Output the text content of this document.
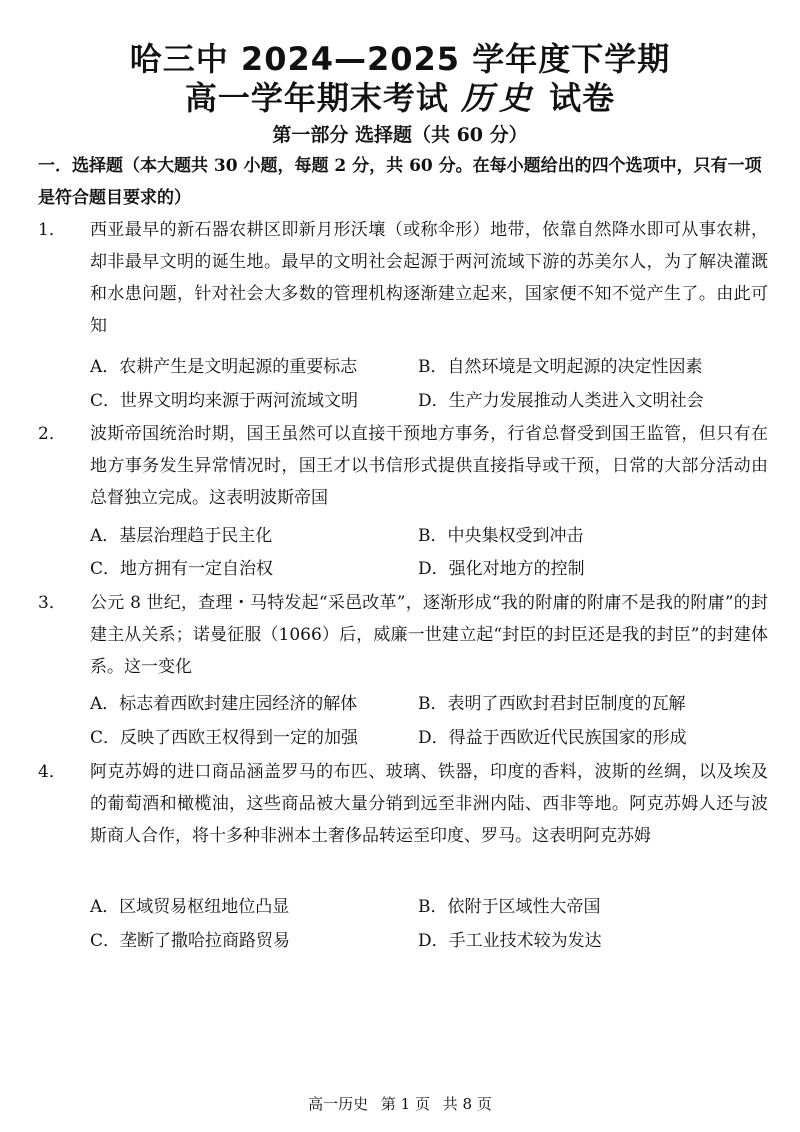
哈三中 2024—2025 学年度下学期
高一学年期末考试 历史 试卷
第一部分 选择题（共 60 分）
一．选择题（本大题共 30 小题，每题 2 分，共 60 分。在每小题给出的四个选项中，只有一项是符合题目要求的）
1． 西亚最早的新石器农耕区即新月形沃壤（或称伞形）地带，依靠自然降水即可从事农耕，却非最早文明的诞生地。最早的文明社会起源于两河流域下游的苏美尔人，为了解决灌溉和水患问题，针对社会大多数的管理机构逐渐建立起来，国家便不知不觉产生了。由此可知
A．农耕产生是文明起源的重要标志	B．自然环境是文明起源的决定性因素
C．世界文明均来源于两河流域文明	D．生产力发展推动人类进入文明社会
2． 波斯帝国统治时期，国王虽然可以直接干预地方事务，行省总督受到国王监管，但只有在地方事务发生异常情况时，国王才以书信形式提供直接指导或干预，日常的大部分活动由总督独立完成。这表明波斯帝国
A．基层治理趋于民主化	B．中央集权受到冲击
C．地方拥有一定自治权	D．强化对地方的控制
3． 公元 8 世纪，查理・马特发起“采邑改革”，逐渐形成“我的附庸的附庸不是我的附庸”的封建主从关系；诺曼征服（1066）后，威廉一世建立起“封臣的封臣还是我的封臣”的封建体系。这一变化
A．标志着西欧封建庄园经济的解体	B．表明了西欧封君封臣制度的瓦解
C．反映了西欧王权得到一定的加强	D．得益于西欧近代民族国家的形成
4． 阿克苏姆的进口商品涵盖罗马的布匹、玻璃、铁器，印度的香料，波斯的丝绸，以及埃及的葡萄酒和橄榄油，这些商品被大量分销到远至非洲内陆、西非等地。阿克苏姆人还与波斯商人合作，将十多种非洲本土奢侈品转运至印度、罗马。这表明阿克苏姆
A．区域贸易枢纽地位凸显	B．依附于区域性大帝国
C．垄断了撒哈拉商路贸易	D．手工业技术较为发达
高一历史 第 1 页 共 8 页
